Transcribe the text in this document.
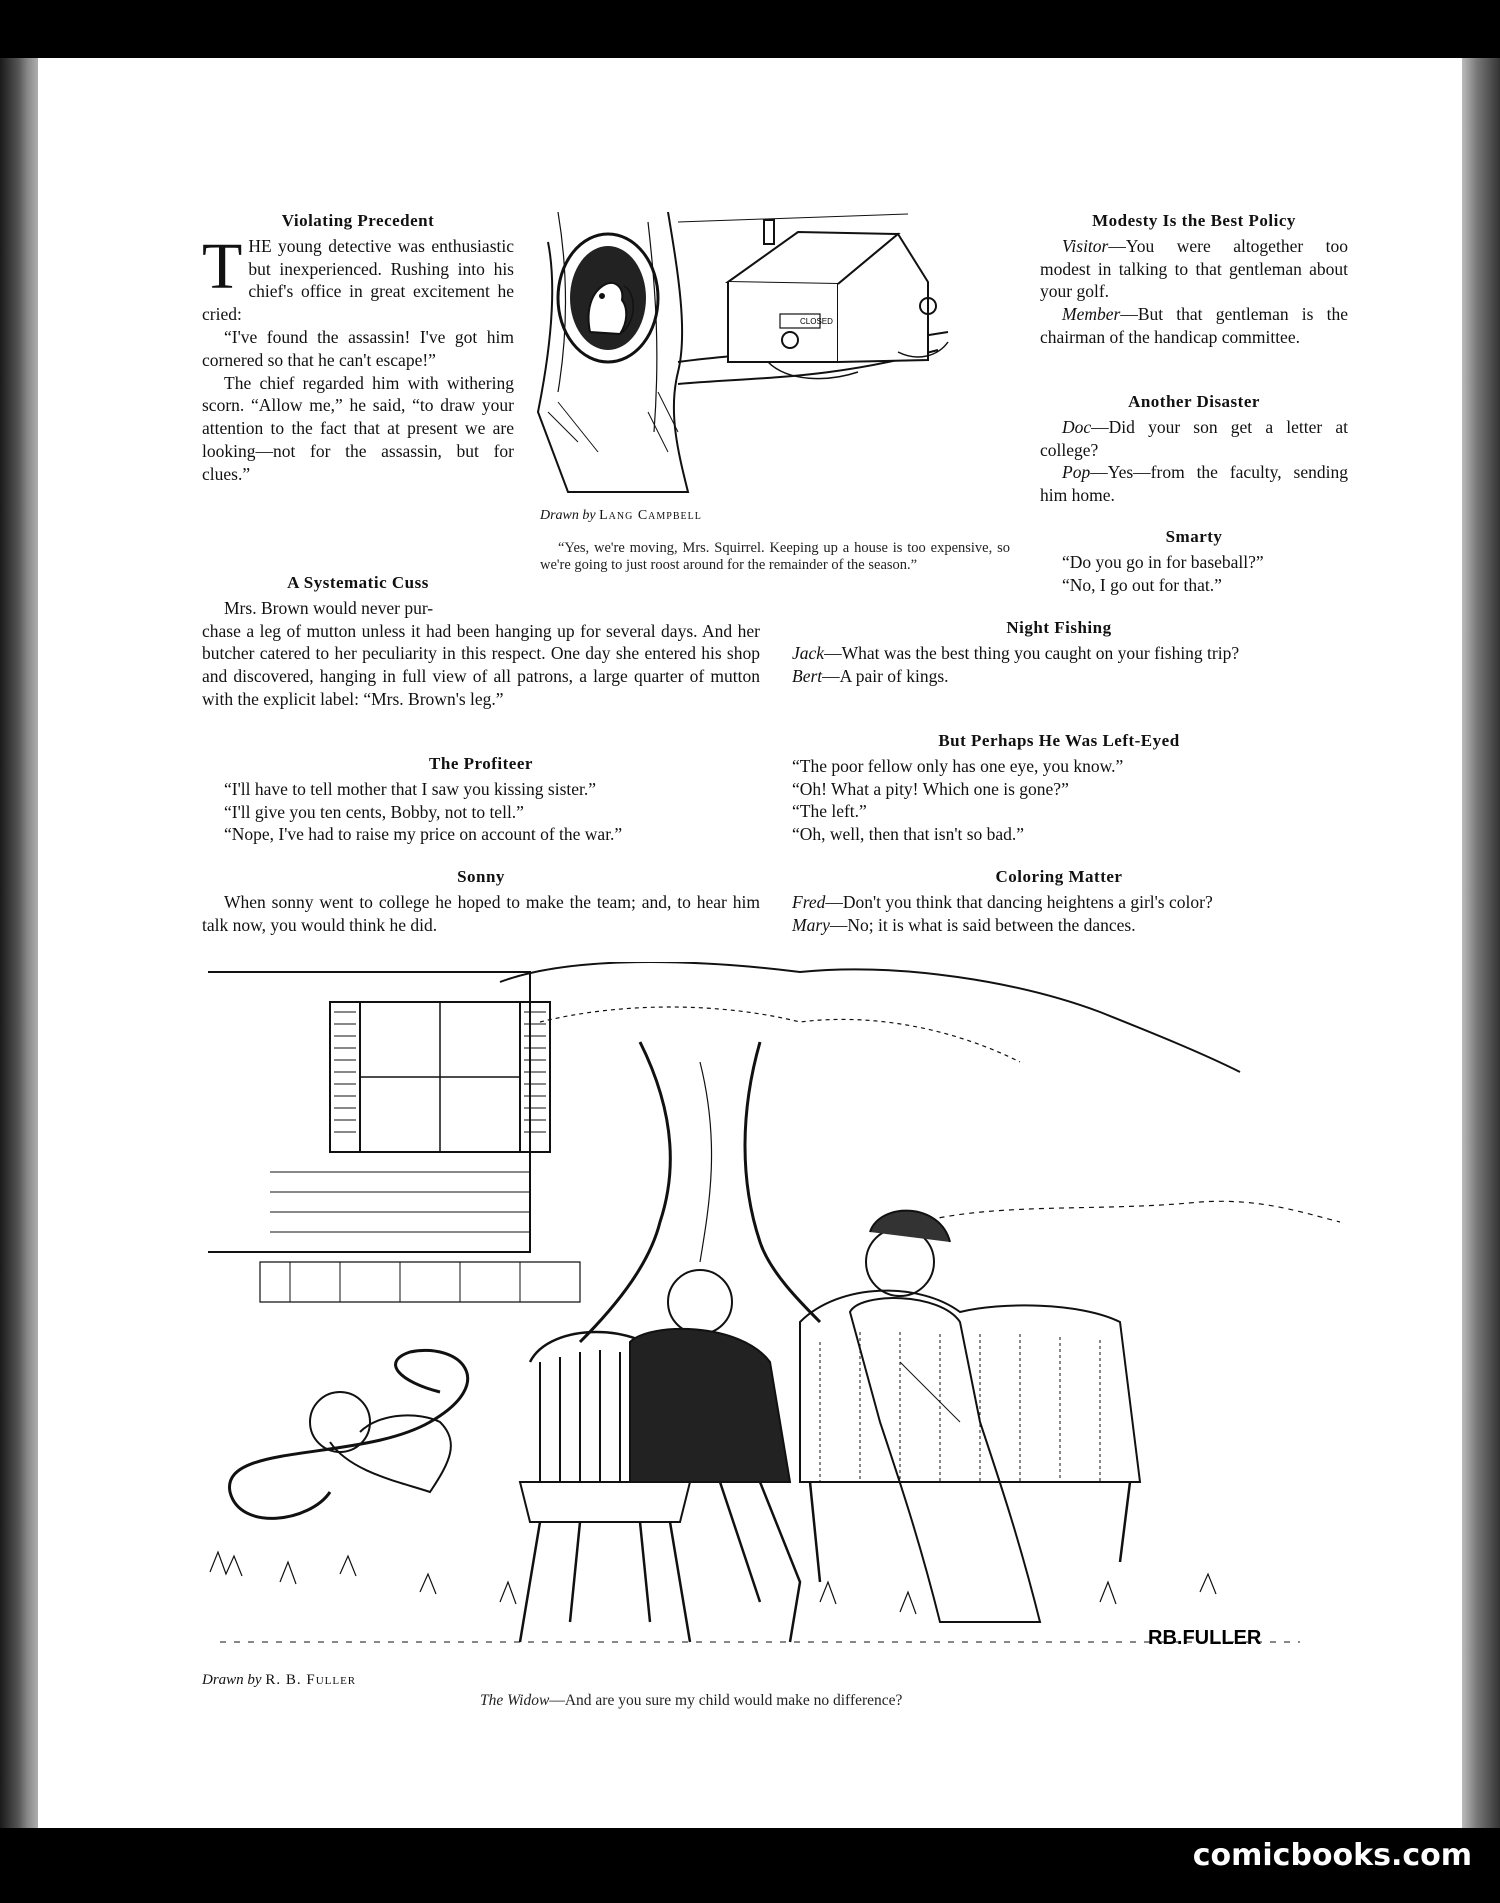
Violating Precedent

THE young detective was enthusiastic but inexperienced. Rushing into his chief's office in great excitement he cried:

“I've found the assassin! I've got him cornered so that he can't escape!”

The chief regarded him with withering scorn. “Allow me,” he said, “to draw your attention to the fact that at present we are looking—not for the assassin, but for clues.”

A Systematic Cuss

Mrs. Brown would never pur-

chase a leg of mutton unless it had been hanging up for several days. And her butcher catered to her peculiarity in this respect. One day she entered his shop and discovered, hanging in full view of all patrons, a large quarter of mutton with the explicit label: “Mrs. Brown's leg.”

The Profiteer

“I'll have to tell mother that I saw you kissing sister.”

“I'll give you ten cents, Bobby, not to tell.”

“Nope, I've had to raise my price on account of the war.”

Sonny

When sonny went to college he hoped to make the team; and, to hear him talk now, you would think he did.

CLOSED
Drawn by Lang Campbell
“Yes, we're moving, Mrs. Squirrel. Keeping up a house is too expensive, so we're going to just roost around for the remainder of the season.”
Modesty Is the Best Policy

Visitor—You were altogether too modest in talking to that gentleman about your golf.

Member—But that gentleman is the chairman of the handicap committee.

Another Disaster

Doc—Did your son get a letter at college?

Pop—Yes—from the faculty, sending him home.

Smarty

“Do you go in for baseball?”

“No, I go out for that.”

Night Fishing

Jack—What was the best thing you caught on your fishing trip?

Bert—A pair of kings.

But Perhaps He Was Left-Eyed

“The poor fellow only has one eye, you know.”

“Oh! What a pity! Which one is gone?”

“The left.”

“Oh, well, then that isn't so bad.”

Coloring Matter

Fred—Don't you think that dancing heightens a girl's color?

Mary—No; it is what is said between the dances.

RB.FULLER
Drawn by R. B. Fuller
The Widow—And are you sure my child would make no difference?
comicbooks.com
